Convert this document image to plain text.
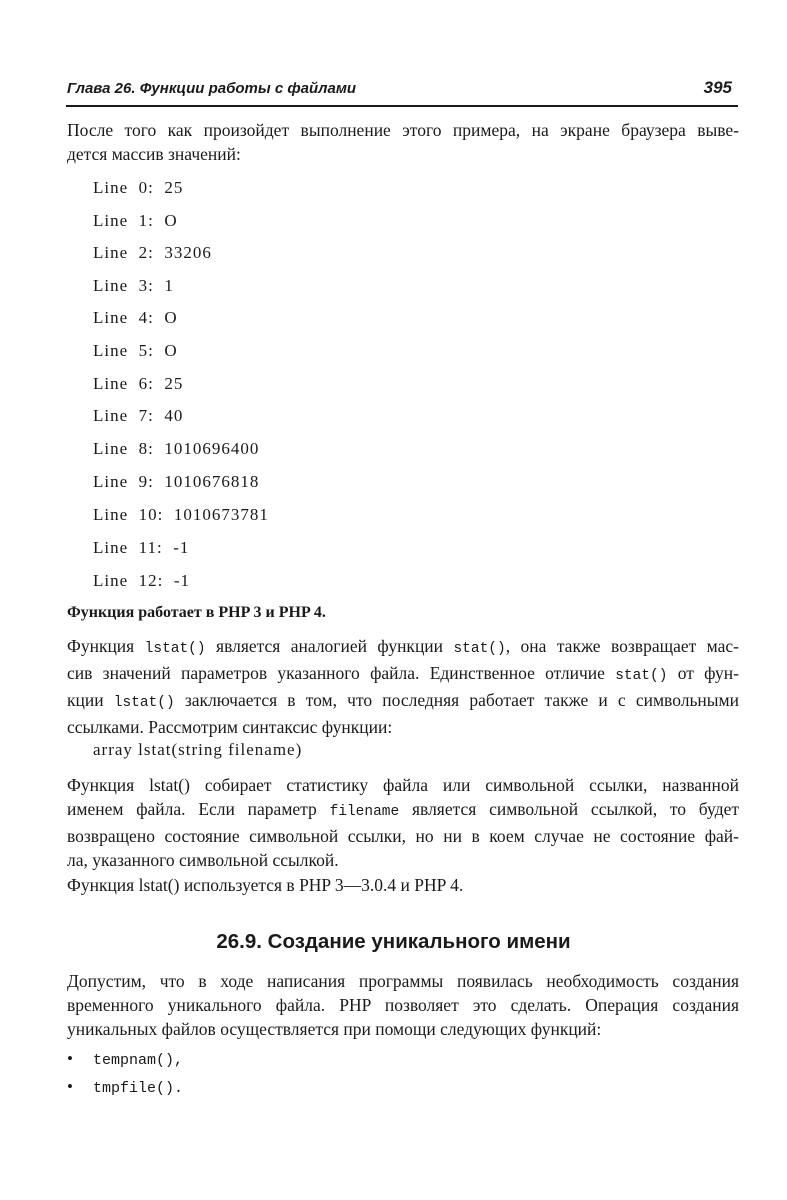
Глава 26. Функции работы с файлами	395
После того как произойдет выполнение этого примера, на экране браузера выве-
дется массив значений:
Line  0:  25
Line  1:  O
Line  2:  33206
Line  3:  1
Line  4:  O
Line  5:  O
Line  6:  25
Line  7:  40
Line  8:  1010696400
Line  9:  1010676818
Line  10:  1010673781
Line  11:  -1
Line  12:  -1
Функция работает в PHP 3 и PHP 4.
Функция lstat() является аналогией функции stat(), она также возвращает мас-
сив значений параметров указанного файла. Единственное отличие stat() от фун-
кции lstat() заключается в том, что последняя работает также и с символьными
ссылками. Рассмотрим синтаксис функции:
array lstat(string filename)
Функция lstat() собирает статистику файла или символьной ссылки, названной
именем файла. Если параметр filename является символьной ссылкой, то будет
возвращено состояние символьной ссылки, но ни в коем случае не состояние фай-
ла, указанного символьной ссылкой.
Функция lstat() используется в PHP 3—3.0.4 и PHP 4.
26.9. Создание уникального имени
Допустим, что в ходе написания программы появилась необходимость создания
временного уникального файла. PHP позволяет это сделать. Операция создания
уникальных файлов осуществляется при помощи следующих функций:
• tempnam(),
• tmpfile().
